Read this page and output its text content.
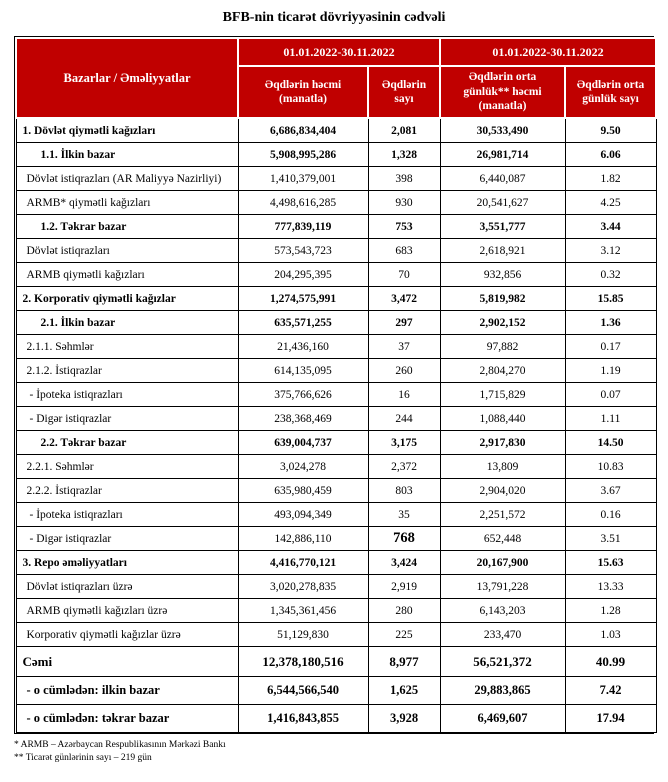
BFB-nin ticarət dövriyyəsinin cədvəli
Bazarlar / Əməliyyatlar	01.01.2022-30.11.2022		01.01.2022-30.11.2022	
	Əqdlərin həcmi (manatla)	Əqdlərin sayı	Əqdlərin orta günlük** həcmi (manatla)	Əqdlərin orta günlük sayı
1. Dövlət qiymətli kağızları	6,686,834,404	2,081	30,533,490	9.50
1.1. İlkin bazar	5,908,995,286	1,328	26,981,714	6.06
Dövlət istiqrazları (AR Maliyyə Nazirliyi)	1,410,379,001	398	6,440,087	1.82
ARMB* qiymətli kağızları	4,498,616,285	930	20,541,627	4.25
1.2. Təkrar bazar	777,839,119	753	3,551,777	3.44
Dövlət istiqrazları	573,543,723	683	2,618,921	3.12
ARMB qiymətli kağızları	204,295,395	70	932,856	0.32
2. Korporativ qiymətli kağızlar	1,274,575,991	3,472	5,819,982	15.85
2.1. İlkin bazar	635,571,255	297	2,902,152	1.36
2.1.1. Səhmlər	21,436,160	37	97,882	0.17
2.1.2. İstiqrazlar	614,135,095	260	2,804,270	1.19
- İpoteka istiqrazları	375,766,626	16	1,715,829	0.07
- Digər istiqrazlar	238,368,469	244	1,088,440	1.11
2.2. Təkrar bazar	639,004,737	3,175	2,917,830	14.50
2.2.1. Səhmlər	3,024,278	2,372	13,809	10.83
2.2.2. İstiqrazlar	635,980,459	803	2,904,020	3.67
- İpoteka istiqrazları	493,094,349	35	2,251,572	0.16
- Digər istiqrazlar	142,886,110	768	652,448	3.51
3. Repo əməliyyatları	4,416,770,121	3,424	20,167,900	15.63
Dövlət istiqrazları üzrə	3,020,278,835	2,919	13,791,228	13.33
ARMB qiymətli kağızları üzrə	1,345,361,456	280	6,143,203	1.28
Korporativ qiymətli kağızlar üzrə	51,129,830	225	233,470	1.03
Cəmi	12,378,180,516	8,977	56,521,372	40.99
- o cümlədən: ilkin bazar	6,544,566,540	1,625	29,883,865	7.42
- o cümlədən: təkrar bazar	1,416,843,855	3,928	6,469,607	17.94
* ARMB – Azərbaycan Respublikasının Mərkəzi Bankı
** Ticarət günlərinin sayı – 219 gün
